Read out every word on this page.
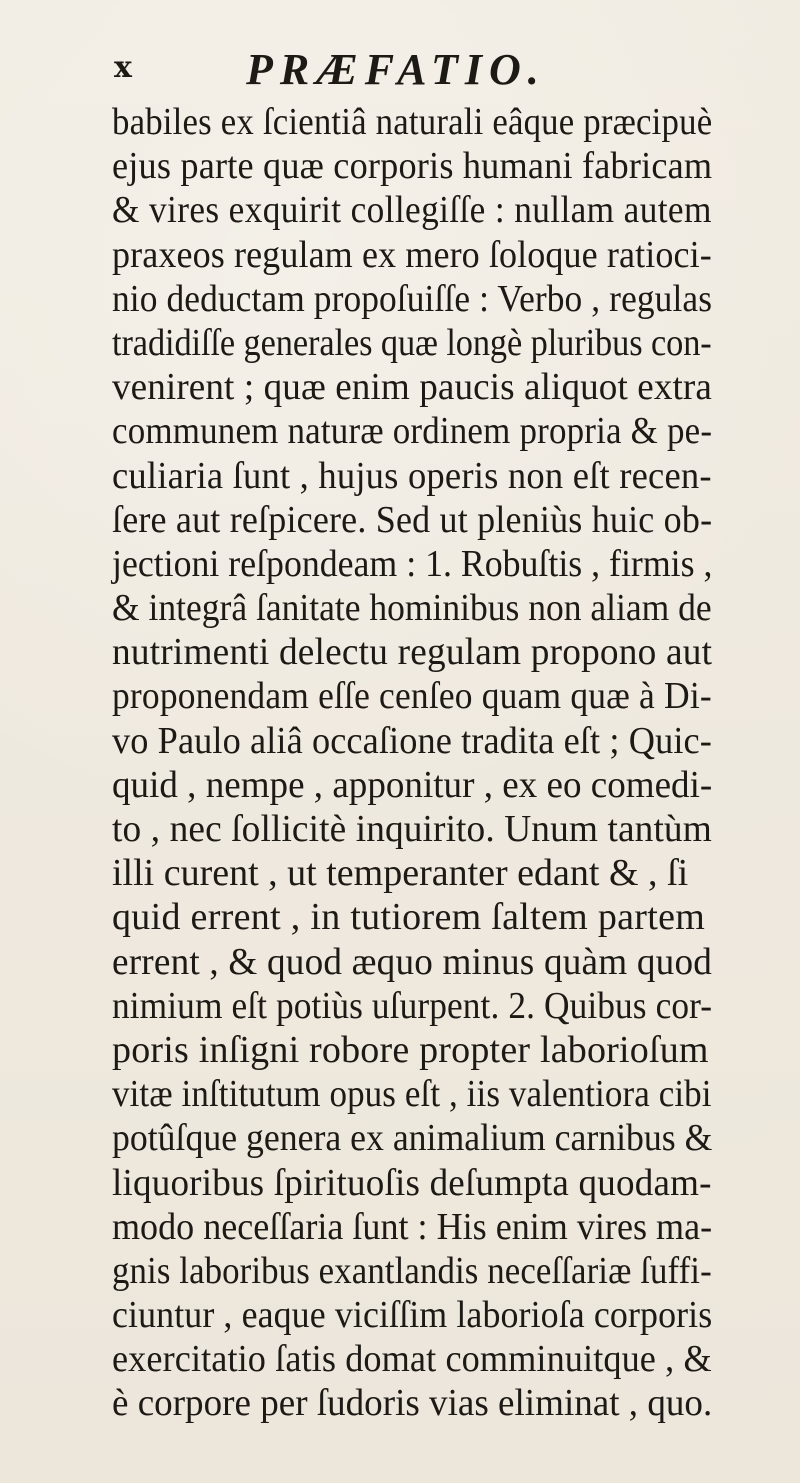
x	PRÆFATIO.
babiles ex ſcientiâ naturali eâque præcipuè
ejus parte quæ corporis humani fabricam
& vires exquirit collegiſſe : nullam autem
praxeos regulam ex mero ſoloque ratioci-
nio deductam propoſuiſſe : Verbo , regulas
tradidiſſe generales quæ longè pluribus con-
venirent ; quæ enim paucis aliquot extra
communem naturæ ordinem propria & pe-
culiaria ſunt , hujus operis non eſt recen-
ſere aut reſpicere. Sed ut pleniùs huic ob-
jectioni reſpondeam : 1. Robuſtis , firmis ,
& integrâ ſanitate hominibus non aliam de
nutrimenti delectu regulam propono aut
proponendam eſſe cenſeo quam quæ à Di-
vo Paulo aliâ occaſione tradita eſt ; Quic-
quid , nempe , apponitur , ex eo comedi-
to , nec ſollicitè inquirito. Unum tantùm
illi curent , ut temperanter edant & , ſi
quid errent , in tutiorem ſaltem partem
errent , & quod æquo minus quàm quod
nimium eſt potiùs uſurpent. 2. Quibus cor-
poris inſigni robore propter laborioſum
vitæ inſtitutum opus eſt , iis valentiora cibi
potûſque genera ex animalium carnibus &
liquoribus ſpirituoſis deſumpta quodam-
modo neceſſaria ſunt : His enim vires ma-
gnis laboribus exantlandis neceſſariæ ſuffi-
ciuntur , eaque viciſſim laborioſa corporis
exercitatio ſatis domat comminuitque , &
è corpore per ſudoris vias eliminat , quo.
